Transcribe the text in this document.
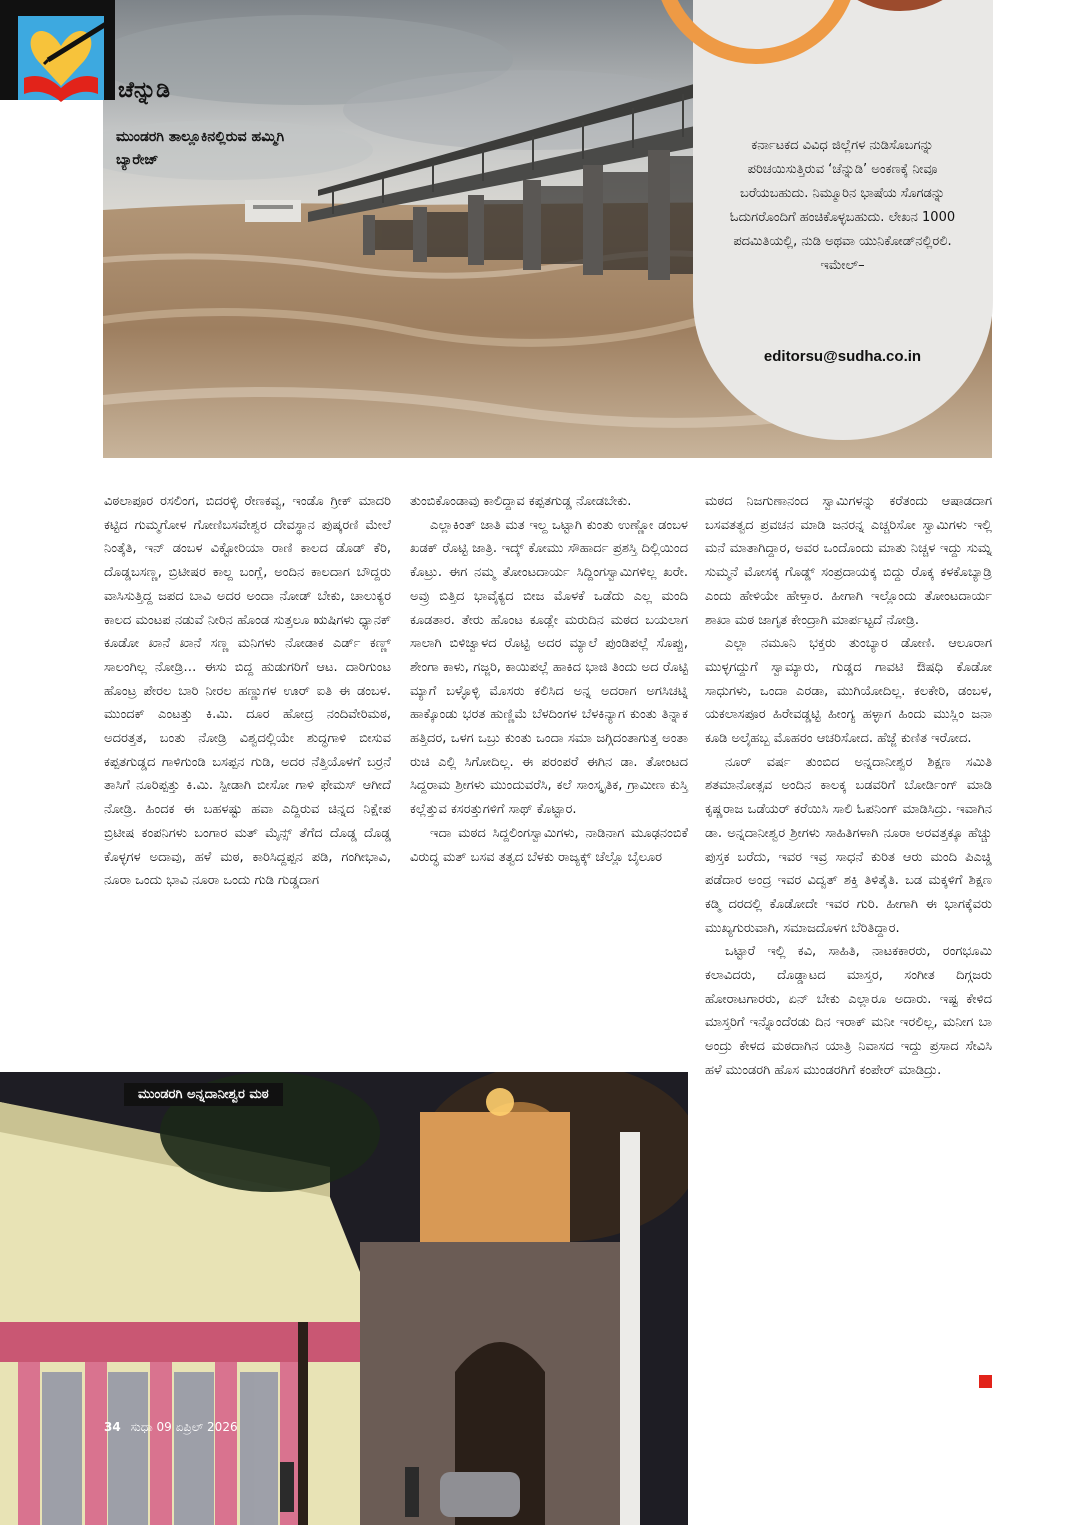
ಕರ್ನಾಟಕದ ವಿವಿಧ ಜಿಲ್ಲೆಗಳ ನುಡಿಸೊಬಗನ್ನು ಪರಿಚಯಿಸುತ್ತಿರುವ ‘ಚೆನ್ನುಡಿ’ ಅಂಕಣಕ್ಕೆ ನೀವೂ ಬರೆಯಬಹುದು. ನಿಮ್ಮೂರಿನ ಭಾಷೆಯ ಸೊಗಡನ್ನು ಓದುಗರೊಂದಿಗೆ ಹಂಚಿಕೊಳ್ಳಬಹುದು. ಲೇಖನ 1000 ಪದಮಿತಿಯಲ್ಲಿ, ನುಡಿ ಅಥವಾ ಯುನಿಕೋಡ್‌ನಲ್ಲಿರಲಿ. ಇಮೇಲ್–
editorsu@sudha.co.in
ಚೆನ್ನುಡಿ
ಮುಂಡರಗಿ ತಾಲ್ಲೂಕಿನಲ್ಲಿರುವ ಹಮ್ಮಿಗಿ ಬ್ಯಾರೇಜ್

ವಿಠಲಾಪೂರ ರಸಲಿಂಗ, ಬಿದರಳ್ಳಿ ರೇಣಕವ್ವ, ಇಂಡೊ ಗ್ರೀಕ್ ಮಾದರಿ ಕಟ್ಟಿದ ಗುಮ್ಮಗೋಳ ಗೋಣಿಬಸವೇಶ್ವರ ದೇವಸ್ಥಾನ ಪುಷ್ಕರಣಿ ಮೇಲೆ ನಿಂತ್ಕೆತಿ, ಇನ್ ಡಂಬಳ ವಿಕ್ಟೋರಿಯಾ ರಾಣಿ ಕಾಲದ ಡೊಡ್ ಕೆರಿ, ದೊಡ್ಡಬಸಣ್ಣ, ಬ್ರಿಟೀಷರ ಕಾಲ್ದ ಬಂಗ್ಲೆ, ಅಂದಿನ ಕಾಲದಾಗ ಬೌದ್ದರು ವಾಸಿಸುತ್ತಿದ್ದ ಜಪದ ಬಾವಿ ಅದರ ಅಂದಾ ನೋಡ್ ಬೇಕು, ಚಾಲುಕ್ಯರ ಕಾಲದ ಮಂಟಪ ನಡುವೆ ನೀರಿನ ಹೊಂಡ ಸುತ್ತಲೂ ಋಷಿಗಳು ಧ್ಯಾನಕ್ ಕೂಡೋ ಖಾನೆ ಖಾನೆ ಸಣ್ಣ ಮನಿಗಳು ನೋಡಾಕ ಎರ್ಡ್ ಕಣ್ಣ್ ಸಾಲಂಗಿಲ್ಲ ನೋಡ್ರಿ… ಈಸು ಬಿದ್ದ ಹುಡುಗರಿಗೆ ಆಟ. ದಾರಿಗುಂಟ ಹೊಂಟ್ರ ಪೇರಲ ಬಾರಿ ನೀರಲ ಹಣ್ಣುಗಳ ಊರ್ ಐತಿ ಈ ಡಂಬಳ. ಮುಂದಕ್ ಎಂಟತ್ತು ಕಿ.ಮಿ. ದೂರ ಹೋದ್ರ ನಂದಿವೇರಿಮಠ, ಅದರತ್ತತ, ಬಂತು ನೋಡ್ರಿ ವಿಶ್ವದಲ್ಲಿಯೇ ಶುದ್ಧಗಾಳಿ ಬೀಸುವ ಕಪ್ಪತಗುಡ್ಡದ ಗಾಳಿಗುಂಡಿ ಬಸಪ್ಪನ ಗುಡಿ, ಅದರ ನೆತ್ತಿಯೊಳಗೆ ಬರ್ರನೆ ತಾಸಿಗೆ ನೂರಿಪ್ಪತ್ತು ಕಿ.ಮಿ. ಸ್ಪೀಡಾಗಿ ಬೀಸೋ ಗಾಳಿ ಫೇಮಸ್ ಆಗೀದೆ ನೋಡ್ರಿ. ಹಿಂದಕ ಈ ಬಹಳಷ್ಟು ಹವಾ ಎದ್ದಿರುವ ಚಿನ್ನದ ನಿಕ್ಷೇಪ ಬ್ರಿಟೀಷ ಕಂಪನಿಗಳು ಬಂಗಾರ ಮತ್ ಮೈನ್ಸ್ ತೆಗೆದ ದೊಡ್ಡ ದೊಡ್ಡ ಕೊಳ್ಳಗಳ ಅದಾವು, ಹಳೆ ಮಠ, ಕಾರಿಸಿದ್ದಪ್ಪನ ಪಡಿ, ಗಂಗೀಭಾವಿ, ನೂರಾ ಒಂದು ಭಾವಿ ನೂರಾ ಒಂದು ಗುಡಿ ಗುಡ್ಡದಾಗ

ತುಂಬಿಕೊಂಡಾವು ಕಾಲಿದ್ದಾವ ಕಪ್ಪತಗುಡ್ಡ ನೋಡಬೇಕು.

ಎಲ್ಲಾಕಿಂತ್ ಜಾತಿ ಮತ ಇಲ್ದ ಒಟ್ಟಾಗಿ ಕುಂತು ಉಣ್ಣೋ ಡಂಬಳ ಖಡಕ್ ರೊಟ್ಟಿ ಜಾತ್ರಿ. ಇದ್ಕ್ ಕೋಮು ಸೌಹಾರ್ದ ಪ್ರಶಸ್ತಿ ದಿಲ್ಲಿಯಿಂದ ಕೊಟ್ರು. ಈಗ ನಮ್ಮ ತೋಂಟದಾರ್ಯ ಸಿದ್ದಿಂಗಸ್ವಾಮಿಗಳಿಲ್ಲ ಖರೇ. ಅವ್ರು ಬಿತ್ತಿದ ಭಾವೈಕ್ಯದ ಬೀಜ ಮೊಳಕೆ ಒಡೆದು ಎಲ್ಲ ಮಂದಿ ಕೂಡತಾರ. ತೇರು ಹೊಂಟ ಕೂಡ್ಲೇ ಮರುದಿನ ಮಠದ ಬಯಲಾಗ ಸಾಲಾಗಿ ಬಿಳಿಜ್ವಾಳದ ರೊಟ್ಟಿ ಅದರ ಮ್ಯಾಲೆ ಪುಂಡಿಪಲ್ಲೆ ಸೊಪ್ಪು, ಶೇಂಗಾ ಕಾಳು, ಗಜ್ಜರಿ, ಕಾಯಿಪಲ್ಲೆ ಹಾಕಿದ ಭಾಜಿ ತಿಂದು ಅದ ರೊಟ್ಟಿ ಮ್ಯಾಗೆ ಬಳ್ಳೊಳ್ಳಿ ಮೊಸರು ಕಲಿಸಿದ ಅನ್ನ ಅದರಾಗ ಅಗಸಿಚಟ್ನಿ ಹಾಕ್ಕೊಂಡು ಭರತ ಹುಣ್ಣಿಮೆ ಬೆಳದಿಂಗಳ ಬೆಳಕಿನ್ಯಾಗ ಕುಂತು ತಿನ್ನಾಕ ಹತ್ತಿದರ, ಒಳಗ ಒಬ್ರು ಕುಂತು ಒಂದಾ ಸಮಾ ಜಗ್ಗಿದಂತಾಗುತ್ತ ಅಂತಾ ರುಚಿ ಎಲ್ಲಿ ಸಿಗೋದಿಲ್ಲ. ಈ ಪರಂಪರೆ ಈಗಿನ ಡಾ. ತೋಂಟದ ಸಿದ್ದರಾಮ ಶ್ರೀಗಳು ಮುಂದುವರೆಸಿ, ಕಲೆ ಸಾಂಸ್ಕೃತಿಕ, ಗ್ರಾಮೀಣ ಕುಸ್ತಿ ಕಲ್ಲೆತ್ತುವ ಕಸರತ್ತುಗಳಿಗೆ ಸಾಥ್ ಕೊಟ್ಟಾರ.

ಇದಾ ಮಠದ ಸಿದ್ದಲಿಂಗಸ್ವಾಮಿಗಳು, ನಾಡಿನಾಗ ಮೂಢನಂಬಿಕೆ ವಿರುದ್ಧ ಮತ್ ಬಸವ ತತ್ವದ ಬೆಳಕು ರಾಜ್ಯಕ್ಕ್ ಚೆಲ್ಲೊ ಬೈಲೂರ

ಮಠದ ನಿಜಗುಣಾನಂದ ಸ್ವಾಮಿಗಳನ್ನು ಕರೆತಂದು ಆಷಾಡದಾಗ ಬಸವತತ್ವದ ಪ್ರವಚನ ಮಾಡಿ ಜನರನ್ನ ಎಚ್ಚರಿಸೋ ಸ್ವಾಮಿಗಳು ಇಲ್ಲಿ ಮನೆ ಮಾತಾಗಿದ್ದಾರ, ಅವರ ಒಂದೊಂದು ಮಾತು ನಿಚ್ಚಳ ಇದ್ದು ಸುಮ್ನ ಸುಮ್ಮನೆ ಮೋಸಕ್ಕ ಗೊಡ್ಡ್ ಸಂಪ್ರದಾಯಕ್ಕ ಬಿದ್ದು ರೊಕ್ಕ ಕಳಕೊಬ್ಯಾಡ್ರಿ ಎಂದು ಹೇಳಿಯೇ ಹೇಳ್ತಾರ. ಹೀಗಾಗಿ ಇಲ್ಲೊಂದು ತೋಂಟದಾರ್ಯ ಶಾಖಾ ಮಠ ಜಾಗೃತ ಕೇಂದ್ರಾಗಿ ಮಾರ್ಪಟ್ಟದೆ ನೋಡ್ರಿ.

ಎಲ್ಲಾ ನಮೂನಿ ಭಕ್ತರು ತುಂಬ್ಯಾರ ಡೋಣಿ. ಆಲೂರಾಗ ಮುಳ್ಳಗದ್ದುಗೆ ಸ್ವಾಮ್ಯಾರು, ಗುಡ್ಡದ ಗಾವಟಿ ಔಷಧಿ ಕೊಡೋ ಸಾಧುಗಳು, ಒಂದಾ ಎರಡಾ, ಮುಗಿಯೋದಿಲ್ಲ. ಕಲಕೇರಿ, ಡಂಬಳ, ಯಕಲಾಸಪೂರ ಹಿರೇವಡ್ಡಟ್ಟಿ ಹೀಂಗ್ಯ ಹಳ್ಳಾಗ ಹಿಂದು ಮುಸ್ಲಿಂ ಜನಾ ಕೂಡಿ ಅಲೈಹಬ್ಬ ಮೊಹರಂ ಆಚರಿಸೋದ. ಹೆಜ್ಜೆ ಕುಣಿತ ಇರೋದ.

ನೂರ್ ವರ್ಷ ತುಂಬಿದ ಅನ್ನದಾನೀಶ್ವರ ಶಿಕ್ಷಣ ಸಮಿತಿ ಶತಮಾನೋತ್ಸವ ಅಂದಿನ ಕಾಲಕ್ಕ ಬಡವರಿಗೆ ಬೋರ್ಡಿಂಗ್ ಮಾಡಿ ಕೃಷ್ಣರಾಜ ಒಡೆಯರ್ ಕರೆಯಿಸಿ ಸಾಲಿ ಓಪನಿಂಗ್ ಮಾಡಿಸಿದ್ರು. ಇವಾಗಿನ ಡಾ. ಅನ್ನದಾನೀಶ್ವರ ಶ್ರೀಗಳು ಸಾಹಿತಿಗಳಾಗಿ ನೂರಾ ಅರವತ್ತಕ್ಕೂ ಹೆಚ್ಚು ಪುಸ್ತಕ ಬರೆದು, ಇವರ ಇವ್ರ ಸಾಧನೆ ಕುರಿತ ಆರು ಮಂದಿ ಪಿಎಚ್ಡಿ ಪಡೆದಾರ ಅಂದ್ರ ಇವರ ವಿದ್ವತ್ ಶಕ್ತಿ ತಿಳಿತೈತಿ. ಬಡ ಮಕ್ಕಳಿಗೆ ಶಿಕ್ಷಣ ಕಡ್ಮಿ ದರದಲ್ಲಿ ಕೊಡೋದೇ ಇವರ ಗುರಿ. ಹೀಗಾಗಿ ಈ ಭಾಗಕ್ಕೆವರು ಮುಖ್ಯಗುರುವಾಗಿ, ಸಮಾಜದೊಳಗ ಬೆರಿತಿದ್ದಾರ.

ಒಟ್ಟಾರೆ ಇಲ್ಲಿ ಕವಿ, ಸಾಹಿತಿ, ನಾಟಕಕಾರರು, ರಂಗಭೂಮಿ ಕಲಾವಿದರು, ದೊಡ್ಡಾಟದ ಮಾಸ್ತರ, ಸಂಗೀತ ದಿಗ್ಗಜರು ಹೋರಾಟಗಾರರು, ಏನ್ ಬೇಕು ಎಲ್ಲಾರೂ ಅದಾರು. ಇಷ್ಟ ಕೇಳಿದ ಮಾಸ್ತರಿಗೆ ಇನ್ನೊಂದೆರಡು ದಿನ ಇರಾಕ್ ಮನೀ ಇರಲಿಲ್ಲ, ಮನೀಗ ಬಾ ಅಂದ್ರು ಕೇಳದ ಮಠದಾಗಿನ ಯಾತ್ರಿ ನಿವಾಸದ ಇದ್ದು ಪ್ರಸಾದ ಸೇವಿಸಿ ಹಳೆ ಮುಂಡರಗಿ ಹೊಸ ಮುಂಡರಗಿಗೆ ಕಂಪೇರ್ ಮಾಡಿದ್ರು.

ಮುಂಡರಗಿ ಅನ್ನದಾನೀಶ್ವರ ಮಠ
34 ಸುಧಾ 09 ಏಪ್ರಿಲ್ 2026
